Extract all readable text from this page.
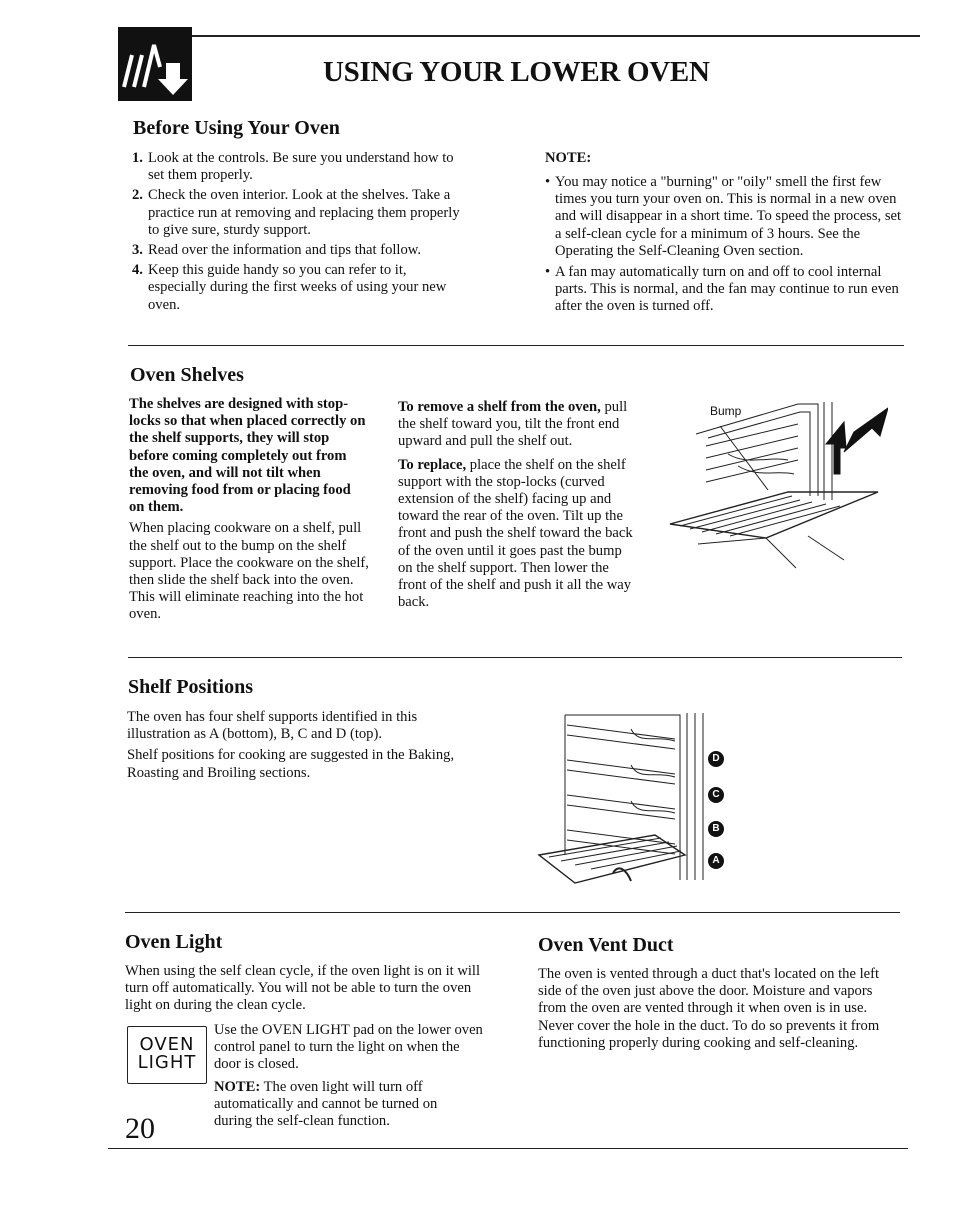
USING YOUR LOWER OVEN
Before Using Your Oven
1. Look at the controls. Be sure you understand how to set them properly.
2. Check the oven interior. Look at the shelves. Take a practice run at removing and replacing them properly to give sure, sturdy support.
3. Read over the information and tips that follow.
4. Keep this guide handy so you can refer to it, especially during the first weeks of using your new oven.
NOTE:
• You may notice a "burning" or "oily" smell the first few times you turn your oven on. This is normal in a new oven and will disappear in a short time. To speed the process, set a self-clean cycle for a minimum of 3 hours. See the Operating the Self-Cleaning Oven section.
• A fan may automatically turn on and off to cool internal parts. This is normal, and the fan may continue to run even after the oven is turned off.
Oven Shelves

The shelves are designed with stop-locks so that when placed correctly on the shelf supports, they will stop before coming completely out from the oven, and will not tilt when removing food from or placing food on them.

When placing cookware on a shelf, pull the shelf out to the bump on the shelf support. Place the cookware on the shelf, then slide the shelf back into the oven. This will eliminate reaching into the hot oven.

To remove a shelf from the oven, pull the shelf toward you, tilt the front end upward and pull the shelf out.

To replace, place the shelf on the shelf support with the stop-locks (curved extension of the shelf) facing up and toward the rear of the oven. Tilt up the front and push the shelf toward the back of the oven until it goes past the bump on the shelf support. Then lower the front of the shelf and push it all the way back.

Bump
Shelf Positions

The oven has four shelf supports identified in this illustration as A (bottom), B, C and D (top).

Shelf positions for cooking are suggested in the Baking, Roasting and Broiling sections.

D
C
B
A
Oven Light
When using the self clean cycle, if the oven light is on it will turn off automatically. You will not be able to turn the oven light on during the clean cycle.
OVEN
LIGHT
Use the OVEN LIGHT pad on the lower oven control panel to turn the light on when the door is closed.
NOTE: The oven light will turn off automatically and cannot be turned on during the self-clean function.
Oven Vent Duct
The oven is vented through a duct that's located on the left side of the oven just above the door. Moisture and vapors from the oven are vented through it when oven is in use. Never cover the hole in the duct. To do so prevents it from functioning properly during cooking and self-cleaning.
20
